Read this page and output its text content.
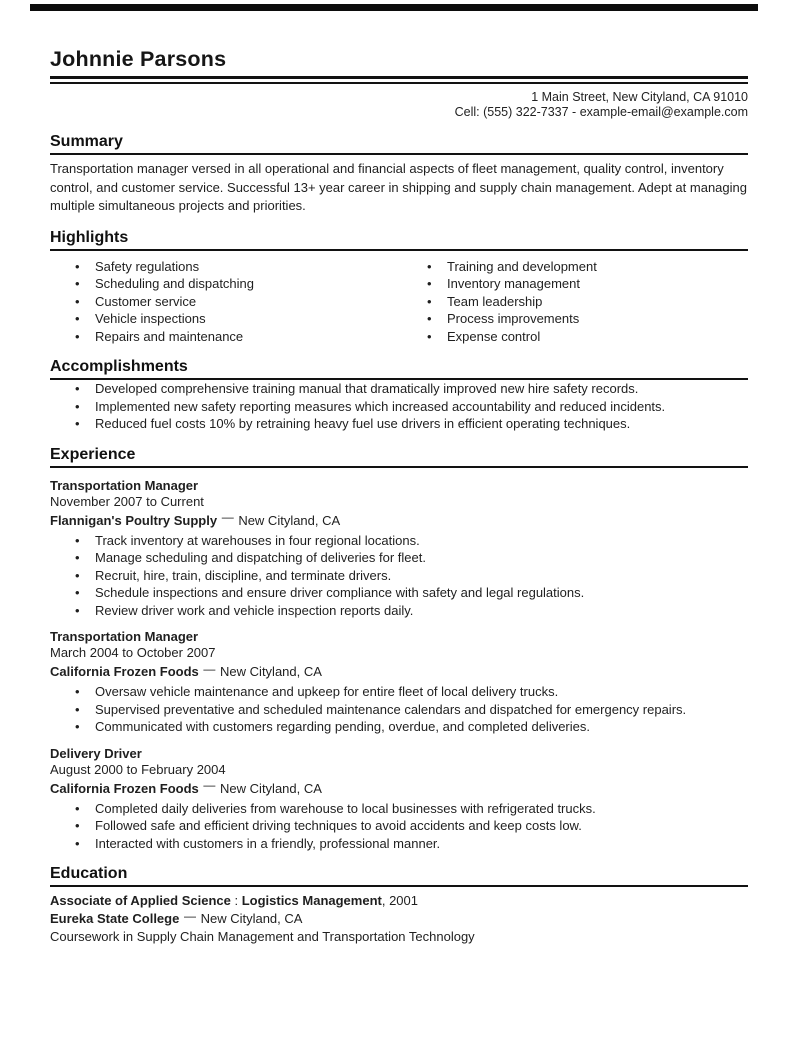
Johnnie Parsons
1 Main Street, New Cityland, CA 91010
Cell: (555) 322-7337 - example-email@example.com
Summary

Transportation manager versed in all operational and financial aspects of fleet management, quality control, inventory control, and customer service. Successful 13+ year career in shipping and supply chain management. Adept at managing multiple simultaneous projects and priorities.

Highlights
•
Safety regulations
•
Scheduling and dispatching
•
Customer service
•
Vehicle inspections
•
Repairs and maintenance
•
Training and development
•
Inventory management
•
Team leadership
•
Process improvements
•
Expense control
Accomplishments
•
Developed comprehensive training manual that dramatically improved new hire safety records.
•
Implemented new safety reporting measures which increased accountability and reduced incidents.
•
Reduced fuel costs 10% by retraining heavy fuel use drivers in efficient operating techniques.
Experience
Transportation Manager
November 2007 to Current
Flannigan's Poultry Supply — New Cityland, CA
•
Track inventory at warehouses in four regional locations.
•
Manage scheduling and dispatching of deliveries for fleet.
•
Recruit, hire, train, discipline, and terminate drivers.
•
Schedule inspections and ensure driver compliance with safety and legal regulations.
•
Review driver work and vehicle inspection reports daily.
Transportation Manager
March 2004 to October 2007
California Frozen Foods — New Cityland, CA
•
Oversaw vehicle maintenance and upkeep for entire fleet of local delivery trucks.
•
Supervised preventative and scheduled maintenance calendars and dispatched for emergency repairs.
•
Communicated with customers regarding pending, overdue, and completed deliveries.
Delivery Driver
August 2000 to February 2004
California Frozen Foods — New Cityland, CA
•
Completed daily deliveries from warehouse to local businesses with refrigerated trucks.
•
Followed safe and efficient driving techniques to avoid accidents and keep costs low.
•
Interacted with customers in a friendly, professional manner.
Education
Associate of Applied Science : Logistics Management, 2001
Eureka State College — New Cityland, CA
Coursework in Supply Chain Management and Transportation Technology
